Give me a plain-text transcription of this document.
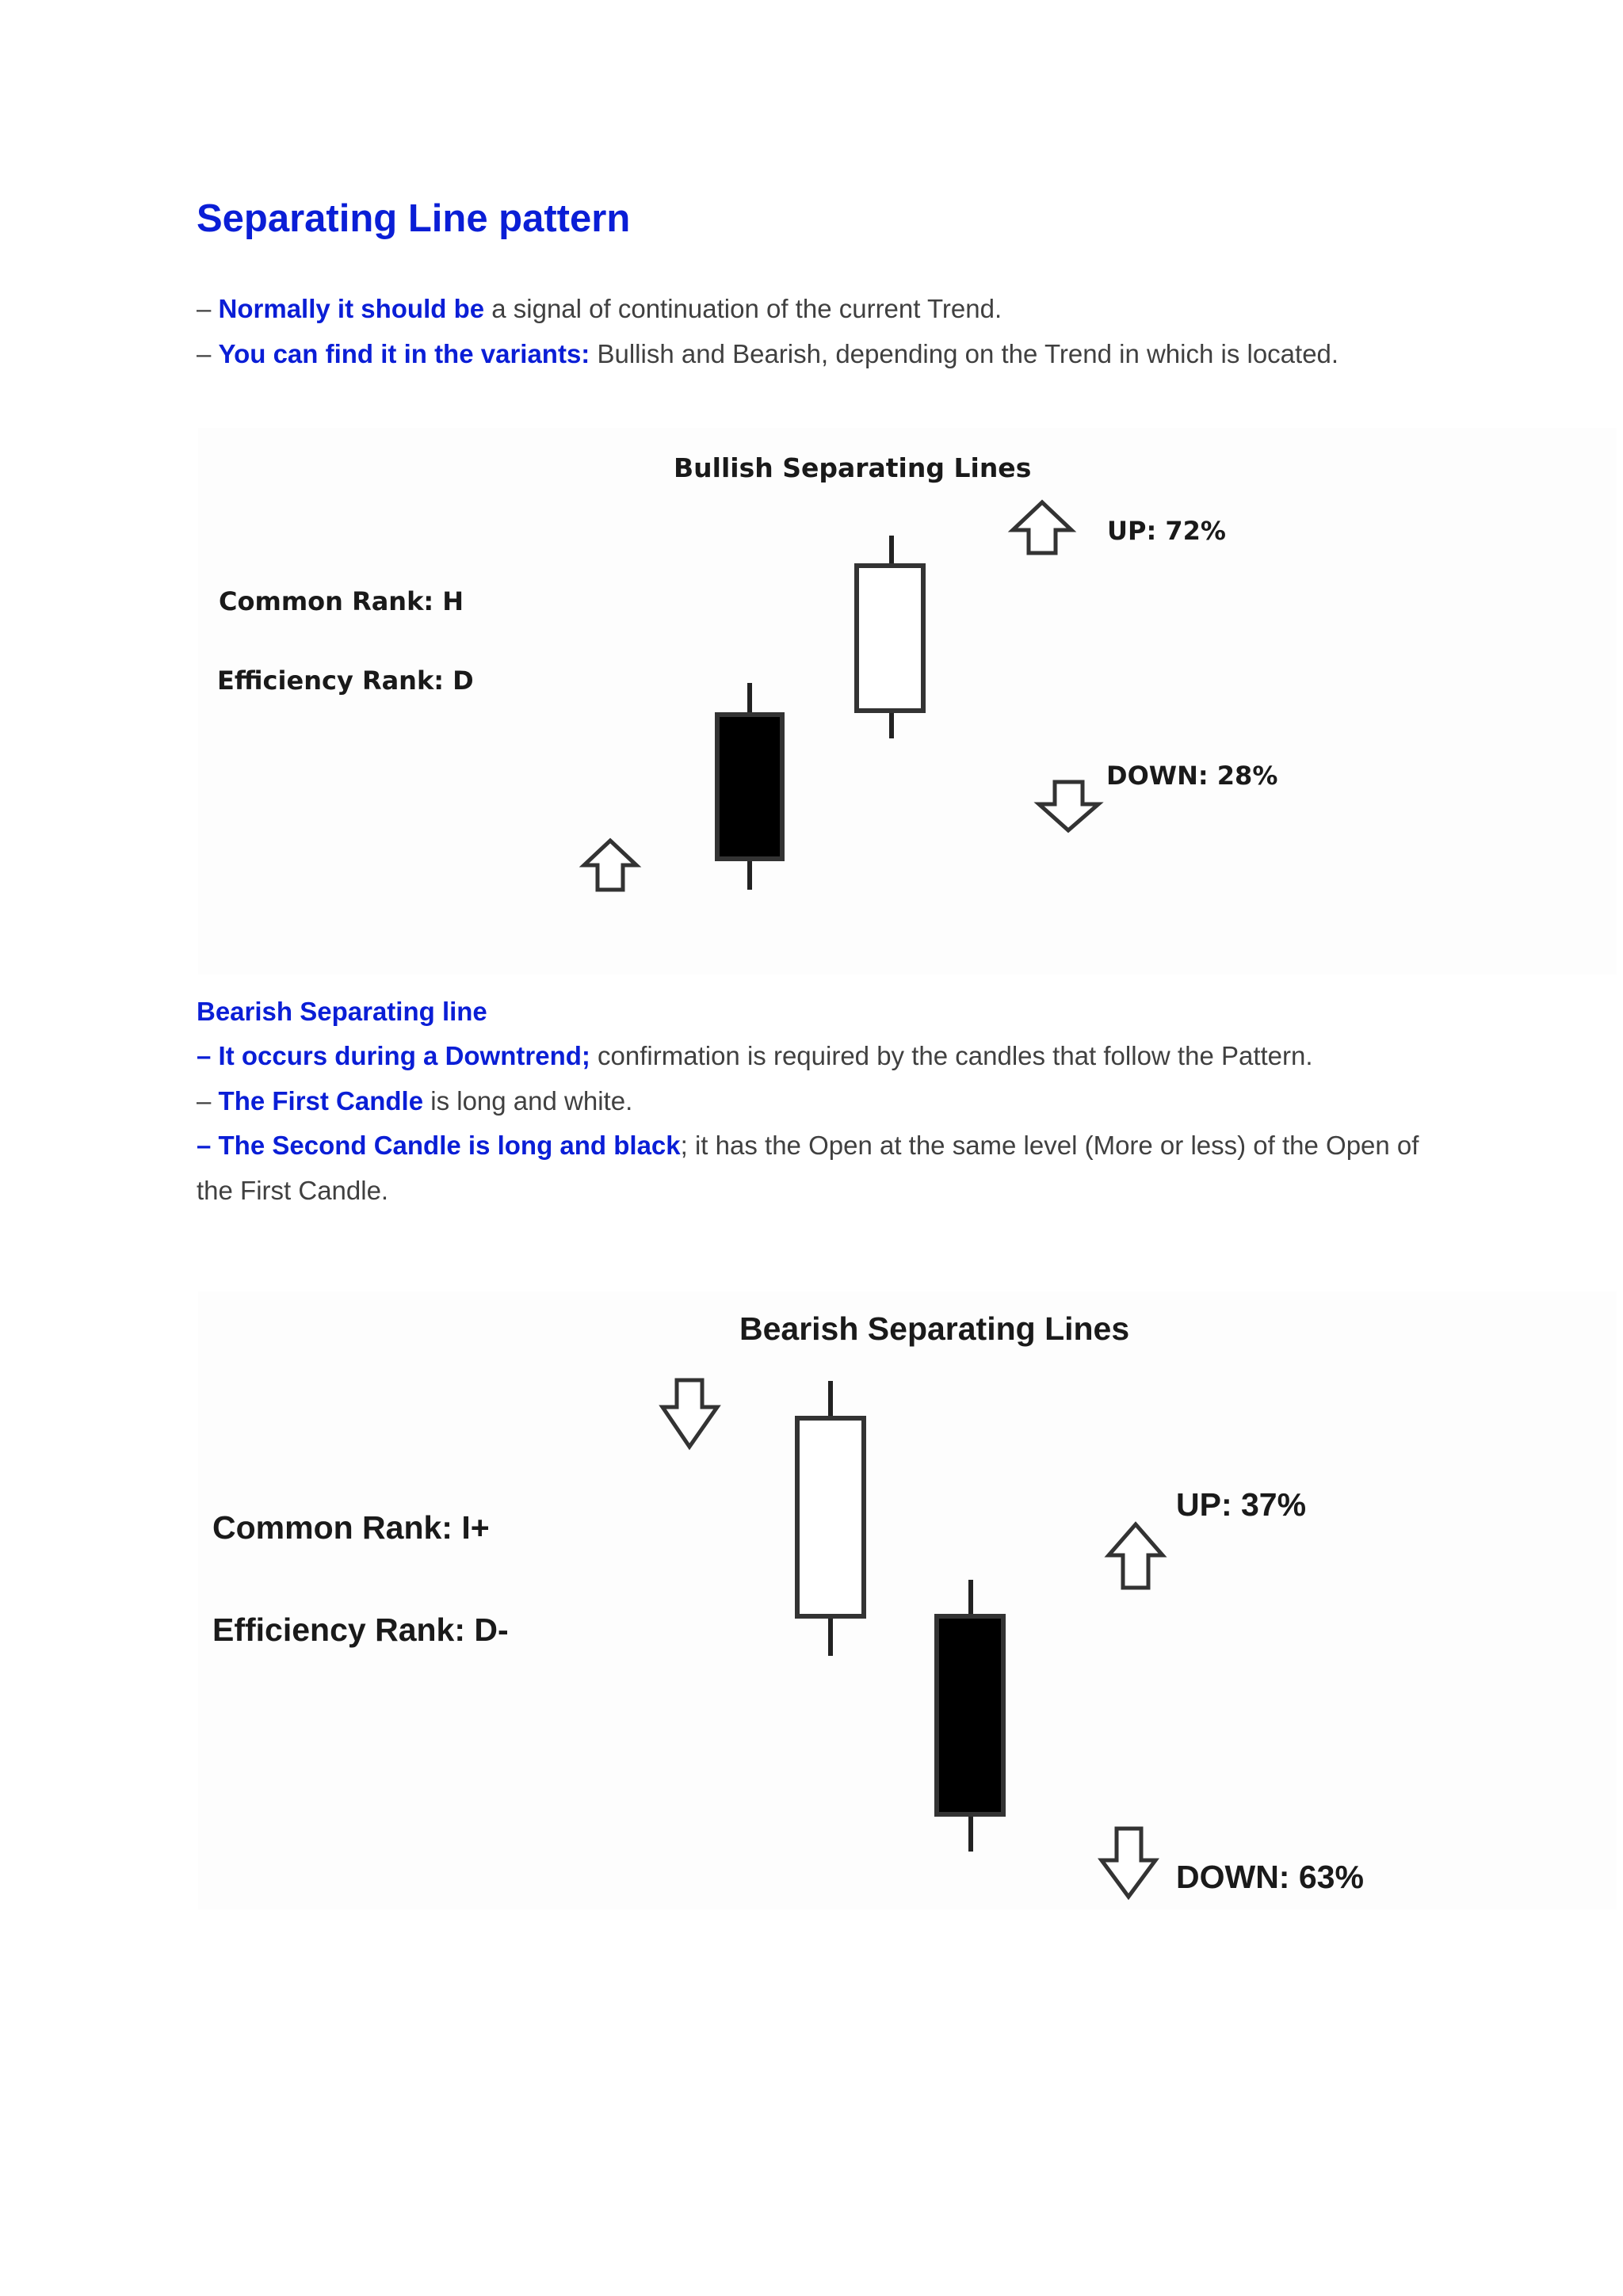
Separating Line pattern
– Normally it should be a signal of continuation of the current Trend.
– You can find it in the variants: Bullish and Bearish, depending on the Trend in which is located.
Bullish Separating Lines
Common Rank: H
Efficiency Rank: D
UP: 72%
DOWN: 28%
Bearish Separating line
– It occurs during a Downtrend; confirmation is required by the candles that follow the Pattern.
– The First Candle is long and white.
– The Second Candle is long and black; it has the Open at the same level (More or less) of the Open of
the First Candle.
Bearish Separating Lines
Common Rank: I+
Efficiency Rank: D-
UP: 37%
DOWN: 63%
